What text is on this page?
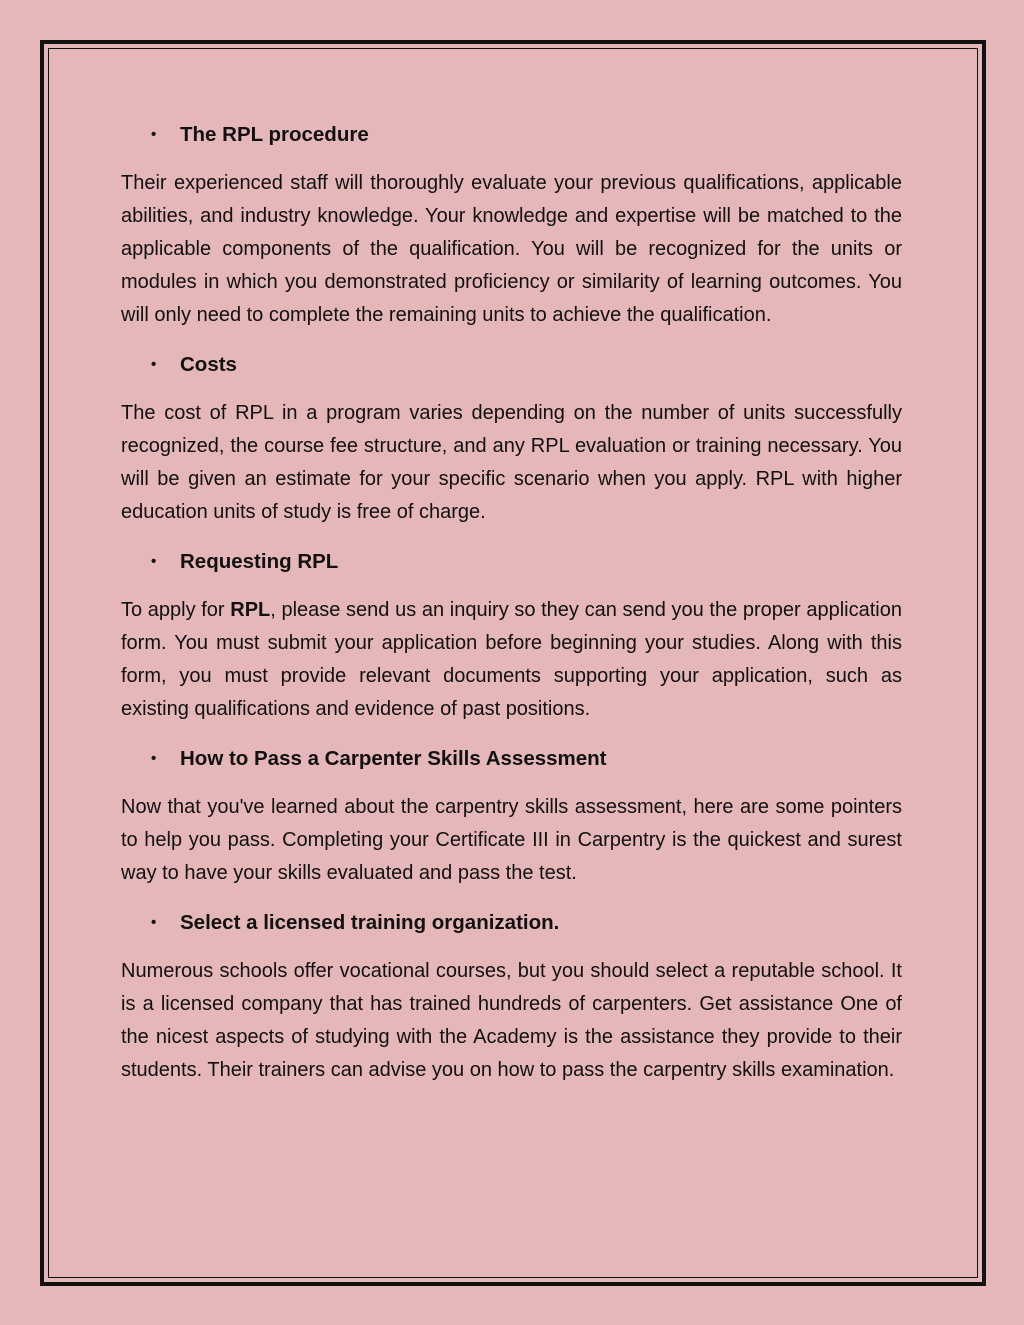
• The RPL procedure

Their experienced staff will thoroughly evaluate your previous qualifications, applicable abilities, and industry knowledge. Your knowledge and expertise will be matched to the applicable components of the qualification. You will be recognized for the units or modules in which you demonstrated proficiency or similarity of learning outcomes. You will only need to complete the remaining units to achieve the qualification.

• Costs

The cost of RPL in a program varies depending on the number of units successfully recognized, the course fee structure, and any RPL evaluation or training necessary. You will be given an estimate for your specific scenario when you apply. RPL with higher education units of study is free of charge.

• Requesting RPL

To apply for RPL, please send us an inquiry so they can send you the proper application form. You must submit your application before beginning your studies. Along with this form, you must provide relevant documents supporting your application, such as existing qualifications and evidence of past positions.

• How to Pass a Carpenter Skills Assessment

Now that you've learned about the carpentry skills assessment, here are some pointers to help you pass. Completing your Certificate III in Carpentry is the quickest and surest way to have your skills evaluated and pass the test.

• Select a licensed training organization.

Numerous schools offer vocational courses, but you should select a reputable school. It is a licensed company that has trained hundreds of carpenters. Get assistance One of the nicest aspects of studying with the Academy is the assistance they provide to their students. Their trainers can advise you on how to pass the carpentry skills examination.
